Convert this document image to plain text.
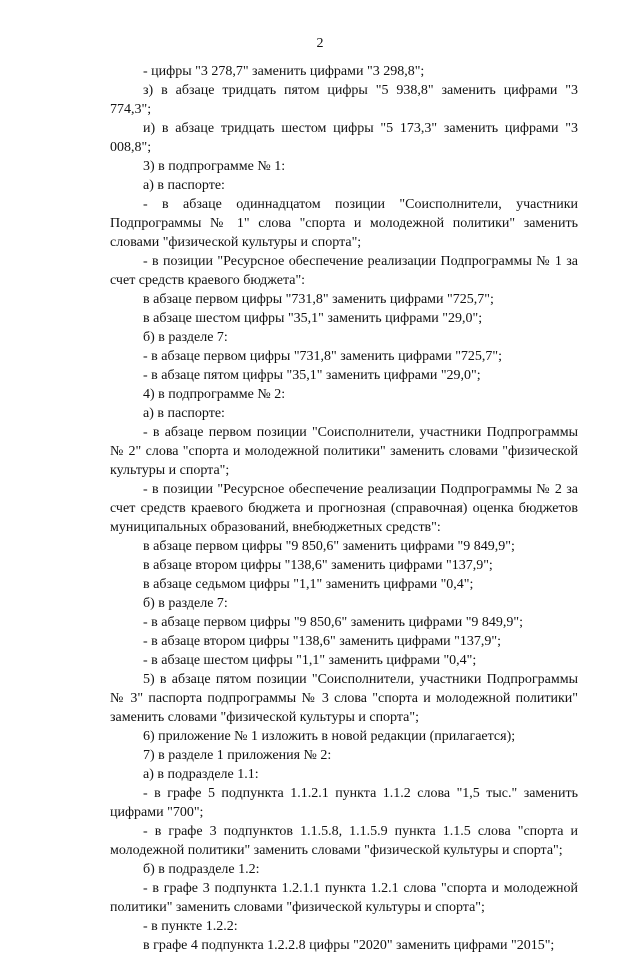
2

- цифры "3 278,7" заменить цифрами "3 298,8";

з) в абзаце тридцать пятом цифры "5 938,8" заменить цифрами "3 774,3";

и) в абзаце тридцать шестом цифры "5 173,3" заменить цифрами "3 008,8";

3) в подпрограмме № 1:

а) в паспорте:

- в абзаце одиннадцатом позиции "Соисполнители, участники Подпрограммы № 1" слова "спорта и молодежной политики" заменить словами "физической культуры и спорта";

- в позиции "Ресурсное обеспечение реализации Подпрограммы № 1 за счет средств краевого бюджета":

в абзаце первом цифры "731,8" заменить цифрами "725,7";

в абзаце шестом цифры "35,1" заменить цифрами "29,0";

б) в разделе 7:

- в абзаце первом цифры "731,8" заменить цифрами "725,7";

- в абзаце пятом цифры "35,1" заменить цифрами "29,0";

4) в подпрограмме № 2:

а) в паспорте:

- в абзаце первом позиции "Соисполнители, участники Подпрограммы № 2" слова "спорта и молодежной политики" заменить словами "физической культуры и спорта";

- в позиции "Ресурсное обеспечение реализации Подпрограммы № 2 за счет средств краевого бюджета и прогнозная (справочная) оценка бюджетов муниципальных образований, внебюджетных средств":

в абзаце первом цифры "9 850,6" заменить цифрами "9 849,9";

в абзаце втором цифры "138,6" заменить цифрами "137,9";

в абзаце седьмом цифры "1,1" заменить цифрами "0,4";

б) в разделе 7:

- в абзаце первом цифры "9 850,6" заменить цифрами "9 849,9";

- в абзаце втором цифры "138,6" заменить цифрами "137,9";

- в абзаце шестом цифры "1,1" заменить цифрами "0,4";

5) в абзаце пятом позиции "Соисполнители, участники Подпрограммы № 3" паспорта подпрограммы № 3 слова "спорта и молодежной политики" заменить словами "физической культуры и спорта";

6) приложение № 1 изложить в новой редакции (прилагается);

7) в разделе 1 приложения № 2:

а) в подразделе 1.1:

- в графе 5 подпункта 1.1.2.1 пункта 1.1.2 слова "1,5 тыс." заменить цифрами "700";

- в графе 3 подпунктов 1.1.5.8, 1.1.5.9 пункта 1.1.5 слова "спорта и молодежной политики" заменить словами "физической культуры и спорта";

б) в подразделе 1.2:

- в графе 3 подпункта 1.2.1.1 пункта 1.2.1 слова "спорта и молодежной политики" заменить словами "физической культуры и спорта";

- в пункте 1.2.2:

в графе 4 подпункта 1.2.2.8 цифры "2020" заменить цифрами "2015";
